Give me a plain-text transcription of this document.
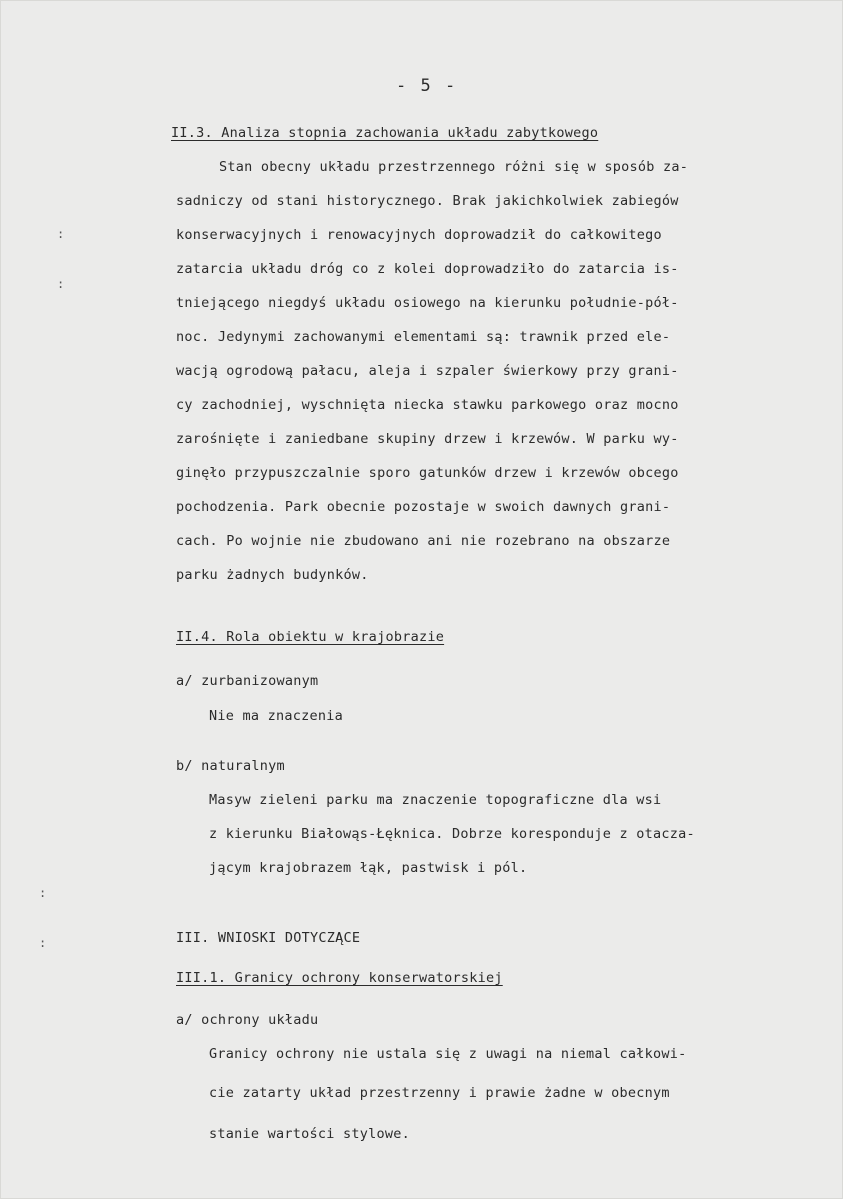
- 5 -
:
:
:
:
II.3. Analiza stopnia zachowania układu zabytkowego
Stan obecny układu przestrzennego różni się w sposób za-
sadniczy od stani historycznego. Brak jakichkolwiek zabiegów
konserwacyjnych i renowacyjnych doprowadził do całkowitego
zatarcia układu dróg co z kolei doprowadziło do zatarcia is-
tniejącego niegdyś układu osiowego na kierunku południe-pół-
noc. Jedynymi zachowanymi elementami są: trawnik przed ele-
wacją ogrodową pałacu, aleja i szpaler świerkowy przy grani-
cy zachodniej, wyschnięta niecka stawku parkowego oraz mocno
zarośnięte i zaniedbane skupiny drzew i krzewów. W parku wy-
ginęło przypuszczalnie sporo gatunków drzew i krzewów obcego
pochodzenia. Park obecnie pozostaje w swoich dawnych grani-
cach. Po wojnie nie zbudowano ani nie rozebrano na obszarze
parku żadnych budynków.
II.4. Rola obiektu w krajobrazie
a/ zurbanizowanym
Nie ma znaczenia
b/ naturalnym
Masyw zieleni parku ma znaczenie topograficzne dla wsi
z kierunku Białowąs-Łęknica. Dobrze koresponduje z otacza-
jącym krajobrazem łąk, pastwisk i pól.
III. WNIOSKI DOTYCZĄCE
III.1. Granicy ochrony konserwatorskiej
a/ ochrony układu
Granicy ochrony nie ustala się z uwagi na niemal całkowi-
cie zatarty układ przestrzenny i prawie żadne w obecnym
stanie wartości stylowe.
